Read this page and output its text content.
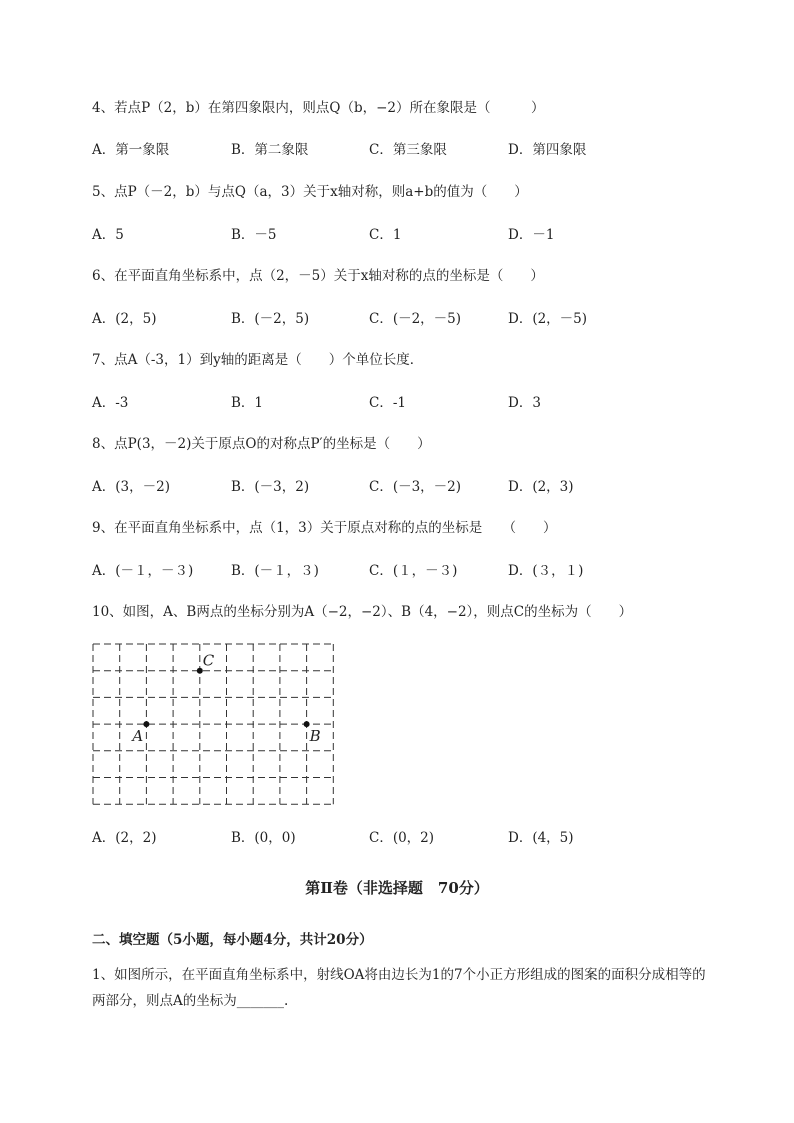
4、若点P（2，b）在第四象限内，则点Q（b，−2）所在象限是（　　　）
A．第一象限	B．第二象限	C．第三象限	D．第四象限
5、点P（－2，b）与点Q（a，3）关于x轴对称，则a+b的值为（　　）
A．5	B．－5	C．1	D．－1
6、在平面直角坐标系中，点（2，－5）关于x轴对称的点的坐标是（　　）
A．(2，5)	B．(－2，5)	C．(－2，－5)	D．(2，－5)
7、点A（-3，1）到y轴的距离是（　　）个单位长度．
A．-3	B．1	C．-1	D．3
8、点P(3，－2)关于原点O的对称点P′的坐标是（　　）
A．(3，－2)	B．(－3，2)	C．(－3，－2)	D．(2，3)
9、在平面直角坐标系中，点（1，3）关于原点对称的点的坐标是　　（　　）
A．(－１，－３)	B．(－１，３)	C．(１，－３)	D．(３，１)
10、如图，A、B两点的坐标分别为A（−2，−2）、B（4，−2），则点C的坐标为（　　）
C
A	B
A．(2，2)	B．(0，0)	C．(0，2)	D．(4，5)
第Ⅱ卷（非选择题　70分）
二、填空题（5小题，每小题4分，共计20分）
1、如图所示，在平面直角坐标系中，射线OA将由边长为1的7个小正方形组成的图案的面积分成相等的两部分，则点A的坐标为_______.
